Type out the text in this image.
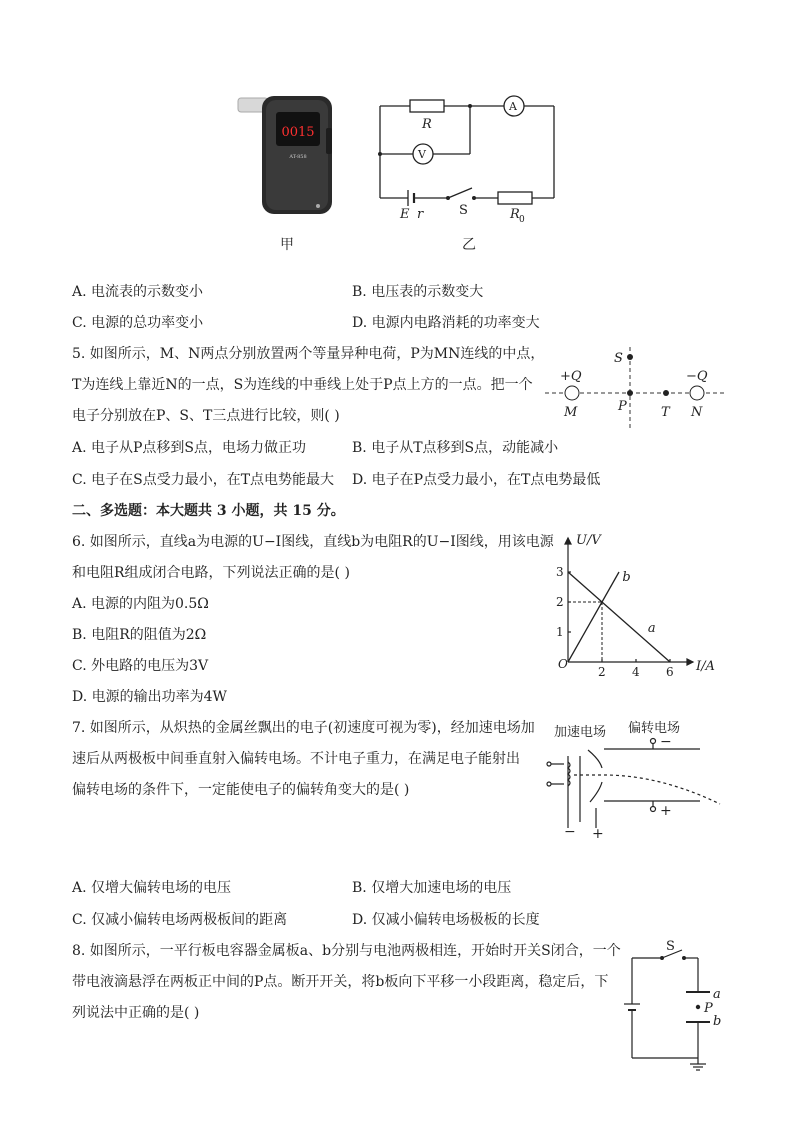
0015
AT-858
R
A
V
E r	S	R 0
甲	乙
A. 电流表的示数变小	B. 电压表的示数变大
C. 电源的总功率变小	D. 电源内电路消耗的功率变大
5. 如图所示，M、N两点分别放置两个等量异种电荷，P为MN连线的中点，
T为连线上靠近N的一点，S为连线的中垂线上处于P点上方的一点。把一个
电子分别放在P、S、T三点进行比较，则( )
S
+Q	−Q
M	P	T N
A. 电子从P点移到S点，电场力做正功	B. 电子从T点移到S点，动能减小
C. 电子在S点受力最小，在T点电势能最大 D. 电子在P点受力最小，在T点电势最低
二、多选题：本大题共 3 小题，共 15 分。
6. 如图所示，直线a为电源的U−I图线，直线b为电阻R的U−I图线，用该电源
和电阻R组成闭合电路，下列说法正确的是( )
A. 电源的内阻为0.5Ω
B. 电阻R的阻值为2Ω
C. 外电路的电压为3V
D. 电源的输出功率为4W
2 4 6
1
2
3
a
b
U/V
I/A
O
7. 如图所示，从炽热的金属丝飘出的电子(初速度可视为零)，经加速电场加
速后从两极板中间垂直射入偏转电场。不计电子重力，在满足电子能射出
偏转电场的条件下，一定能使电子的偏转角变大的是( )
加速电场 偏转电场
−
+
− +
A. 仅增大偏转电场的电压	B. 仅增大加速电场的电压
C. 仅减小偏转电场两极板间的距离	D. 仅减小偏转电场极板的长度
8. 如图所示，一平行板电容器金属板a、b分别与电池两极相连，开始时开关S闭合，一个
带电液滴悬浮在两板正中间的P点。断开开关，将b板向下平移一小段距离，稳定后，下
列说法中正确的是( )
S
a
P
b
